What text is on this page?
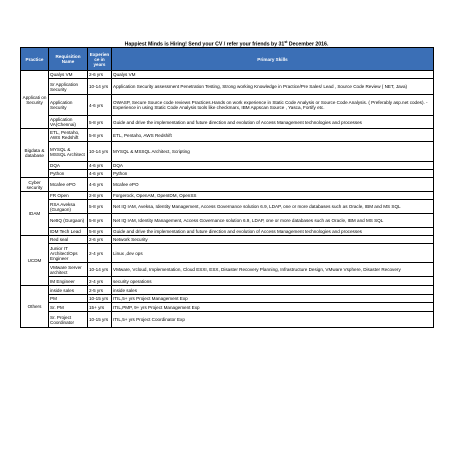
Happiest Minds is Hiring! Send your CV / refer your friends by 31st December 2016.
Practice	Requisition Name	Experience in years	Primary Skills
Applicati on Security	Qualys VM	2-6 yrs	Qualys VM
	Sr Application Security	10-14 yrs	Application Security assessment Penetration Testing, Strong working Knowledge in Practice/Pre Sales/ Lead , Source Code Review ( NET, Java)
	Application Security	4-6 yrs	OWASP, Secure Source code reviews Practices.Hands on work experience in Static Code Analysis or Source Code Analysis. ( Preferably asp.net codes). - Experience in using Static Code Analysis tools like checkmarx, IBM Appscan Source , Yasca, Fortify etc.
	Application VA(Chennai)	5-8 yrs	Guide and drive the implementation and future direction and evolution of Access Management technologies and processes
Bigdata & database	ETL, Pentaho, AWS Redshift	5-8 yrs	ETL, Pentaho, AWS Redshift
	MYSQL & MSSQL Architect	10-14 yrs	MYSQL & MSSQL Architect, Scripting
	DQA	4-6 yrs	DQA
	Python	4-6 yrs	Python
Cyber security	Mcafee ePO	4-6 yrs	Mcafee ePO
IDAM	FR Open	2-8 yrs	Forgerock, OpenAM, OpenIDM, OpenSS
	RSA Aveksa (Gurgaon)	5-8 yrs	Net IQ IAM, Aveksa, Identity Management, Access Governance solution 6.9, LDAP, one or more databases such as Oracle, IBM and MS SQL
	NetIQ (Gurgaon)	5-8 yrs	Net IQ IAM, Identity Management, Access Governance solution 6.9, LDAP, one or more databases such as Oracle, IBM and MS SQL
	IDM Tech Lead	5-8 yrs	Guide and drive the implementation and future direction and evolution of Access Management technologies and processes
UCDM	Red seal	2-6 yrs	Network Security
	Junior IT Architect/Ops Engineer	2-4 yrs	Linux ,dev ops
	VMware Server architect	10-14 yrs	VMware, Vcloud, Implementation, Cloud ESXI, ESX, Disaster Recovery Planning, Infrastructure Design, VMware Vsphere, Disaster Recovery
	IM Engineer	2-4 yrs	security operations
Others	inside sales	2-5 yrs	inside sales
	PM	10-15 yrs	ITIL,5+ yrs Project Management Exp
	Sr. PM	15+ yrs	ITIL,PMP, 9+ yrs Project Management Exp
	Sr. Project Coordinator	10-15 yrs	ITIL,5+ yrs Project Coordinator Exp
